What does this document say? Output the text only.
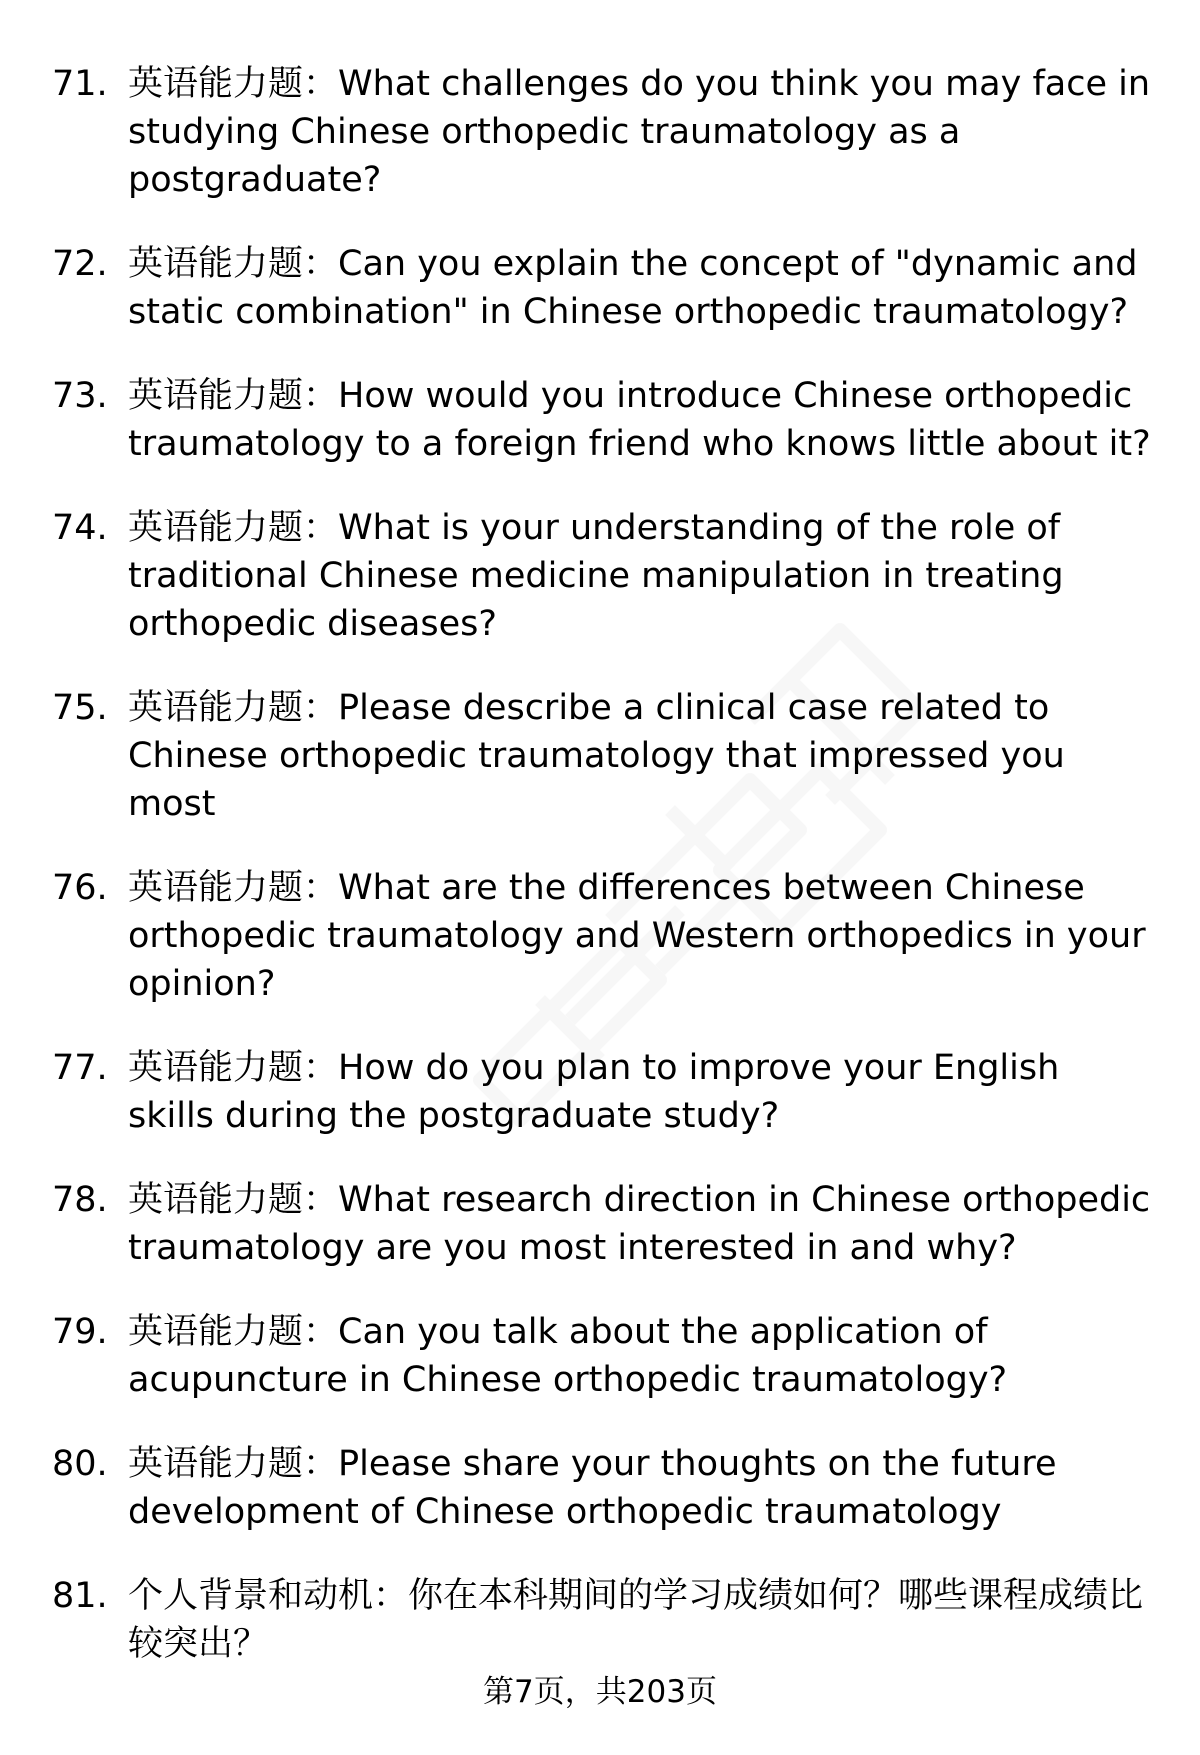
71. 英语能力题：What challenges do you think you may face in studying Chinese orthopedic traumatology as a postgraduate?
72. 英语能力题：Can you explain the concept of "dynamic and static combination" in Chinese orthopedic traumatology?
73. 英语能力题：How would you introduce Chinese orthopedic traumatology to a foreign friend who knows little about it?
74. 英语能力题：What is your understanding of the role of traditional Chinese medicine manipulation in treating orthopedic diseases?
75. 英语能力题：Please describe a clinical case related to Chinese orthopedic traumatology that impressed you most
76. 英语能力题：What are the differences between Chinese orthopedic traumatology and Western orthopedics in your opinion?
77. 英语能力题：How do you plan to improve your English skills during the postgraduate study?
78. 英语能力题：What research direction in Chinese orthopedic traumatology are you most interested in and why?
79. 英语能力题：Can you talk about the application of acupuncture in Chinese orthopedic traumatology?
80. 英语能力题：Please share your thoughts on the future development of Chinese orthopedic traumatology
81. 个人背景和动机：你在本科期间的学习成绩如何？哪些课程成绩比较突出？
第7页，共203页
